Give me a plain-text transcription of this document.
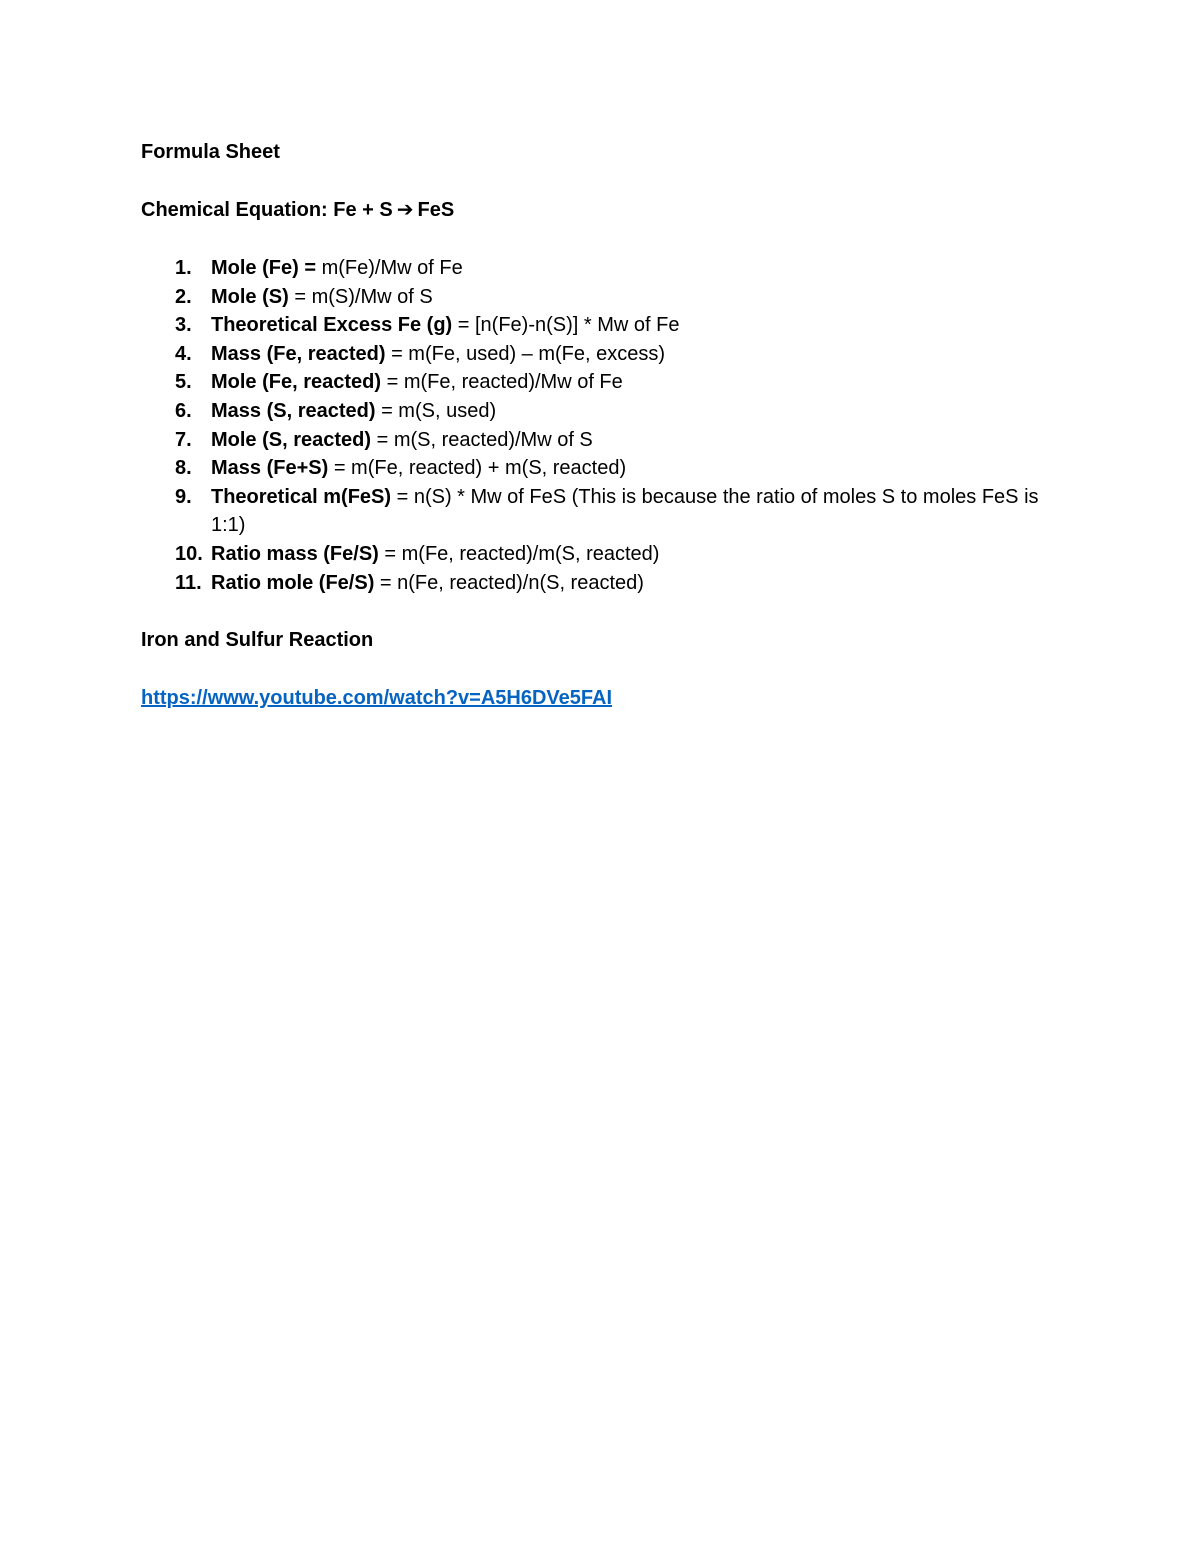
Formula Sheet
Chemical Equation: Fe + S ➔ FeS
1. Mole (Fe) = m(Fe)/Mw of Fe
2. Mole (S) = m(S)/Mw of S
3. Theoretical Excess Fe (g) = [n(Fe)-n(S)] * Mw of Fe
4. Mass (Fe, reacted) = m(Fe, used) – m(Fe, excess)
5. Mole (Fe, reacted) = m(Fe, reacted)/Mw of Fe
6. Mass (S, reacted) = m(S, used)
7. Mole (S, reacted) = m(S, reacted)/Mw of S
8. Mass (Fe+S) = m(Fe, reacted) + m(S, reacted)
9. Theoretical m(FeS) = n(S) * Mw of FeS (This is because the ratio of moles S to moles FeS is 1:1)
10. Ratio mass (Fe/S) = m(Fe, reacted)/m(S, reacted)
11. Ratio mole (Fe/S) = n(Fe, reacted)/n(S, reacted)
Iron and Sulfur Reaction
https://www.youtube.com/watch?v=A5H6DVe5FAI
